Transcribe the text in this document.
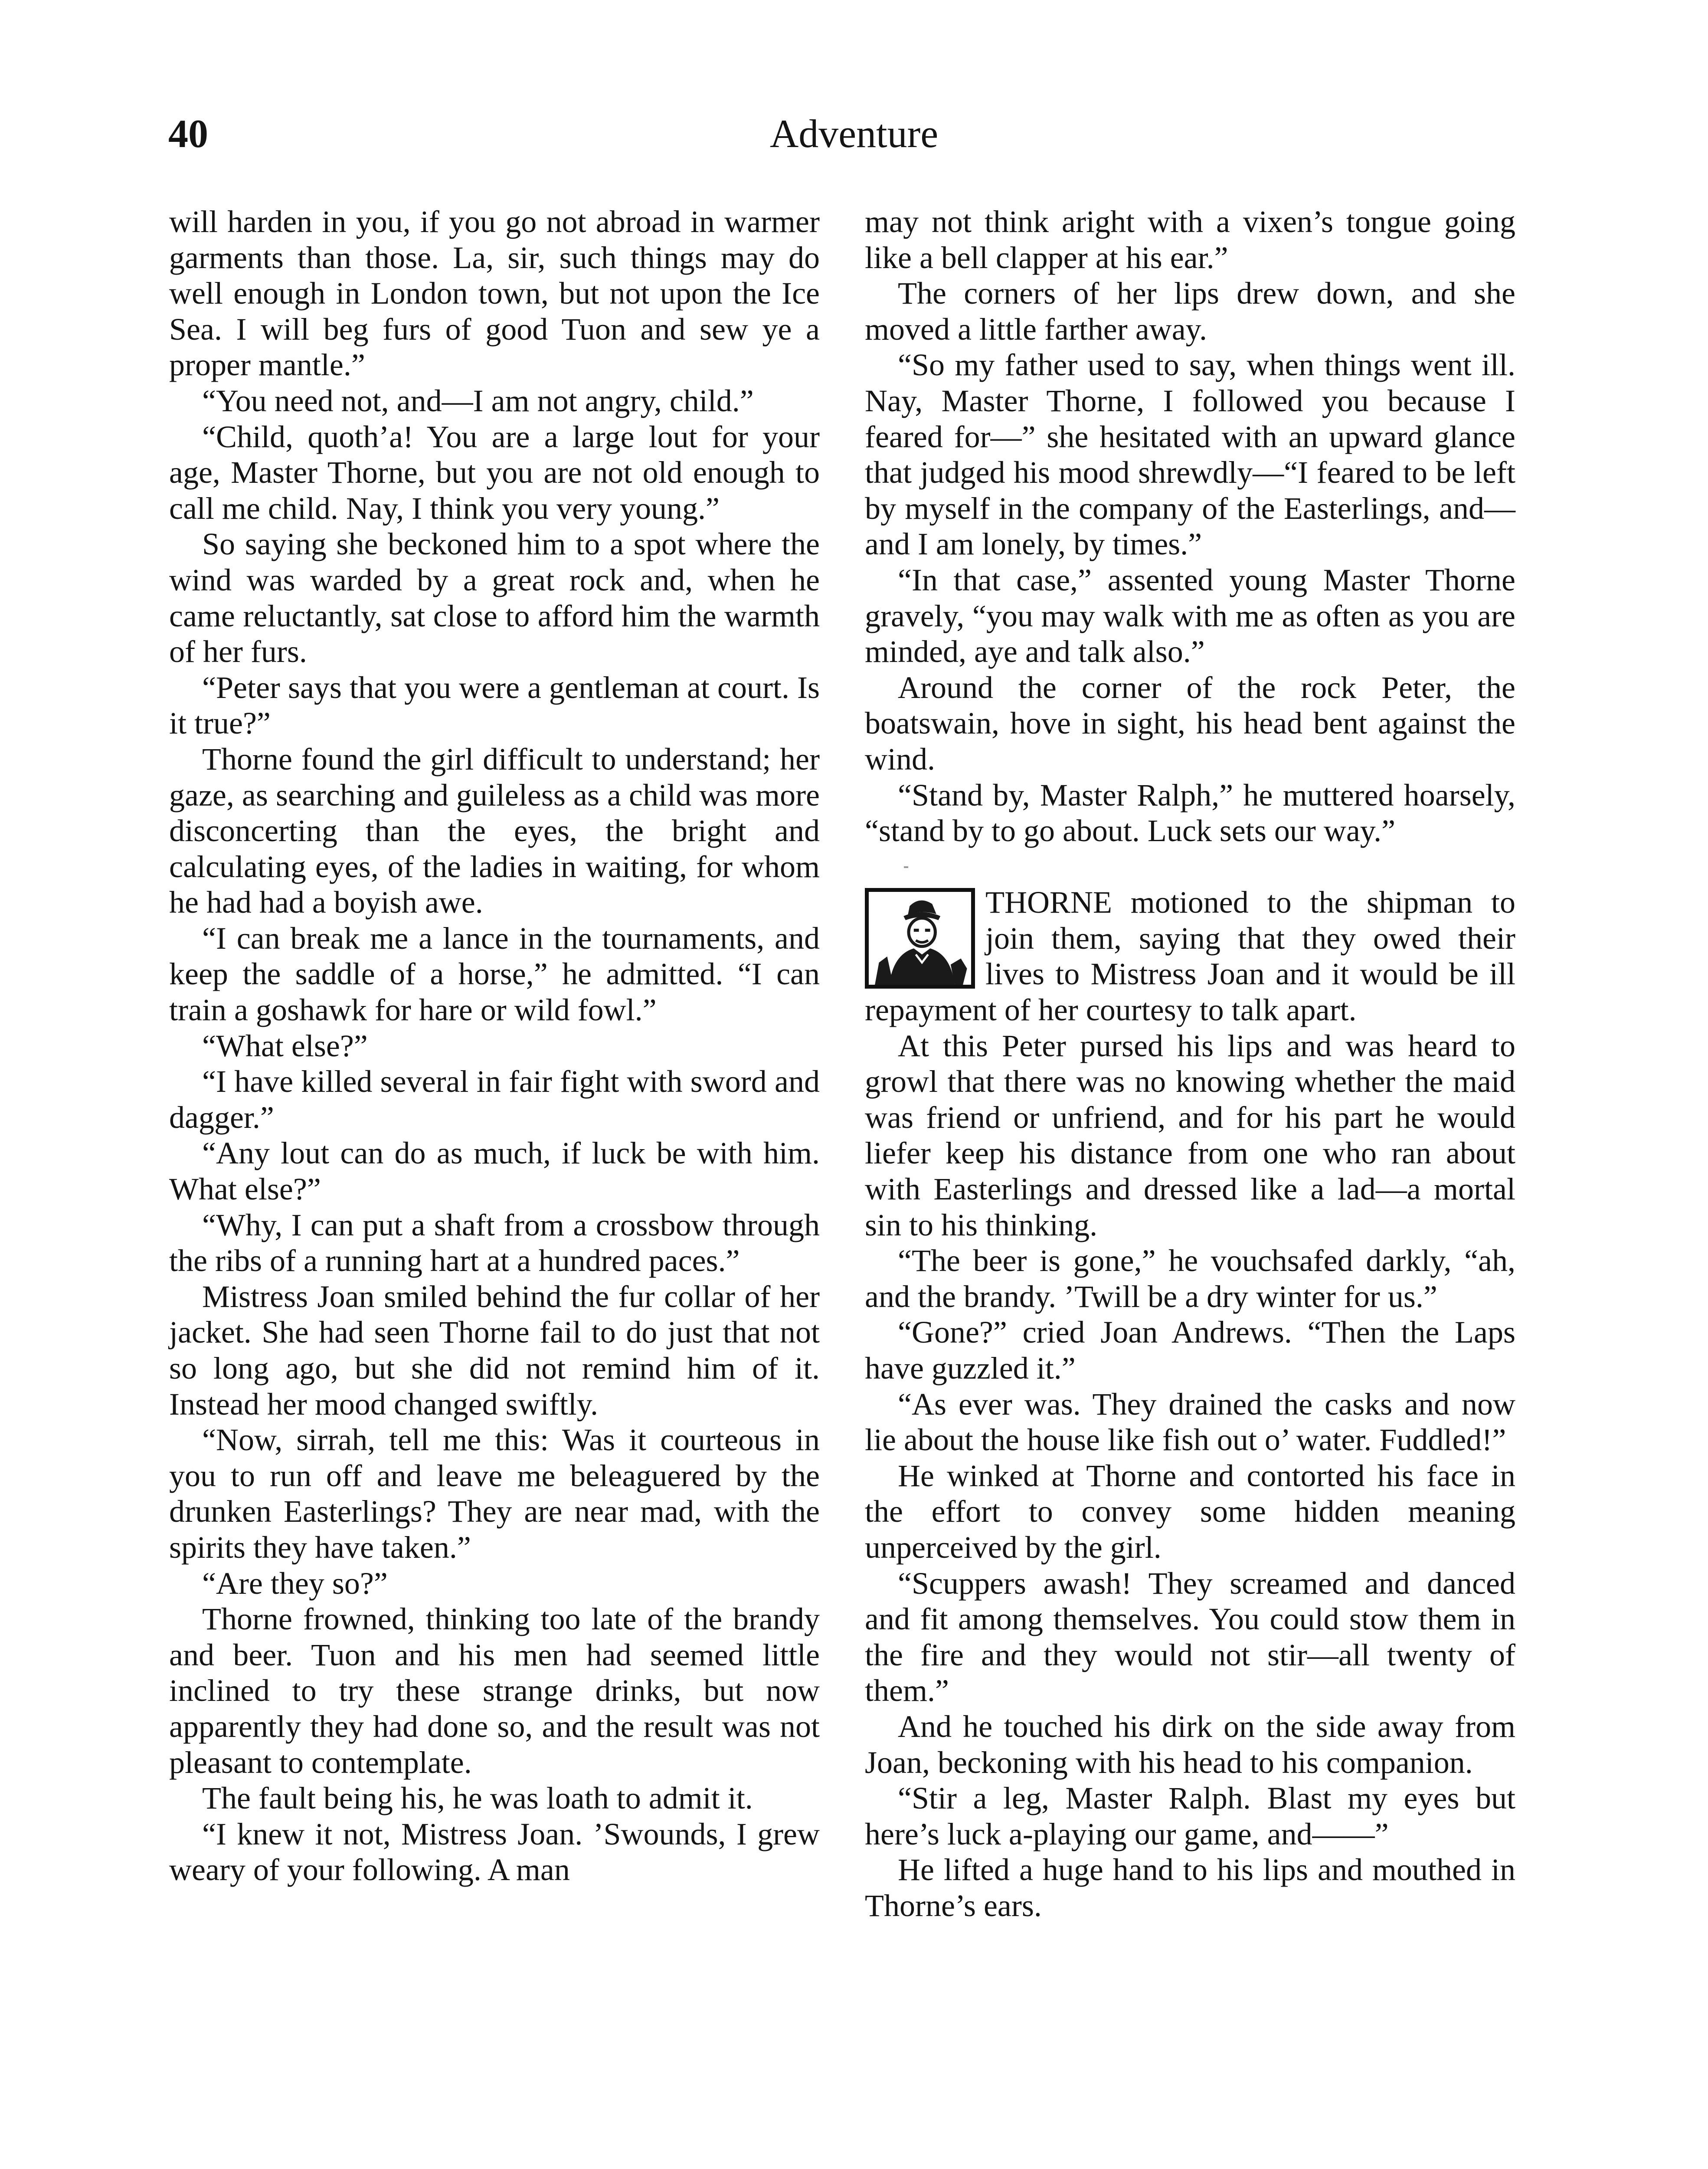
40	Adventure

will harden in you, if you go not abroad in warmer garments than those. La, sir, such things may do well enough in London town, but not upon the Ice Sea. I will beg furs of good Tuon and sew ye a proper mantle.”

“You need not, and—I am not angry, child.”

“Child, quoth’a! You are a large lout for your age, Master Thorne, but you are not old enough to call me child. Nay, I think you very young.”

So saying she beckoned him to a spot where the wind was warded by a great rock and, when he came reluctantly, sat close to afford him the warmth of her furs.

“Peter says that you were a gentleman at court. Is it true?”

Thorne found the girl difficult to understand; her gaze, as searching and guileless as a child was more disconcerting than the eyes, the bright and calculating eyes, of the ladies in waiting, for whom he had had a boyish awe.

“I can break me a lance in the tournaments, and keep the saddle of a horse,” he admitted. “I can train a goshawk for hare or wild fowl.”

“What else?”

“I have killed several in fair fight with sword and dagger.”

“Any lout can do as much, if luck be with him. What else?”

“Why, I can put a shaft from a crossbow through the ribs of a running hart at a hundred paces.”

Mistress Joan smiled behind the fur collar of her jacket. She had seen Thorne fail to do just that not so long ago, but she did not remind him of it. Instead her mood changed swiftly.

“Now, sirrah, tell me this: Was it courteous in you to run off and leave me beleaguered by the drunken Easterlings? They are near mad, with the spirits they have taken.”

“Are they so?”

Thorne frowned, thinking too late of the brandy and beer. Tuon and his men had seemed little inclined to try these strange drinks, but now apparently they had done so, and the result was not pleasant to contemplate.

The fault being his, he was loath to admit it.

“I knew it not, Mistress Joan. ’Swounds, I grew weary of your following. A man

may not think aright with a vixen’s tongue going like a bell clapper at his ear.”

The corners of her lips drew down, and she moved a little farther away.

“So my father used to say, when things went ill. Nay, Master Thorne, I followed you because I feared for—” she hesitated with an upward glance that judged his mood shrewdly—“I feared to be left by myself in the company of the Easterlings, and—and I am lonely, by times.”

“In that case,” assented young Master Thorne gravely, “you may walk with me as often as you are minded, aye and talk also.”

Around the corner of the rock Peter, the boatswain, hove in sight, his head bent against the wind.

“Stand by, Master Ralph,” he muttered hoarsely, “stand by to go about. Luck sets our way.”

THORNE motioned to the shipman to join them, saying that they owed their lives to Mistress Joan and it would be ill repayment of her courtesy to talk apart.

At this Peter pursed his lips and was heard to growl that there was no knowing whether the maid was friend or unfriend, and for his part he would liefer keep his distance from one who ran about with Easterlings and dressed like a lad—a mortal sin to his thinking.

“The beer is gone,” he vouchsafed darkly, “ah, and the brandy. ’Twill be a dry winter for us.”

“Gone?” cried Joan Andrews. “Then the Laps have guzzled it.”

“As ever was. They drained the casks and now lie about the house like fish out o’ water. Fuddled!”

He winked at Thorne and contorted his face in the effort to convey some hidden meaning unperceived by the girl.

“Scuppers awash! They screamed and danced and fit among themselves. You could stow them in the fire and they would not stir—all twenty of them.”

And he touched his dirk on the side away from Joan, beckoning with his head to his companion.

“Stir a leg, Master Ralph. Blast my eyes but here’s luck a-playing our game, and——”

He lifted a huge hand to his lips and mouthed in Thorne’s ears.
